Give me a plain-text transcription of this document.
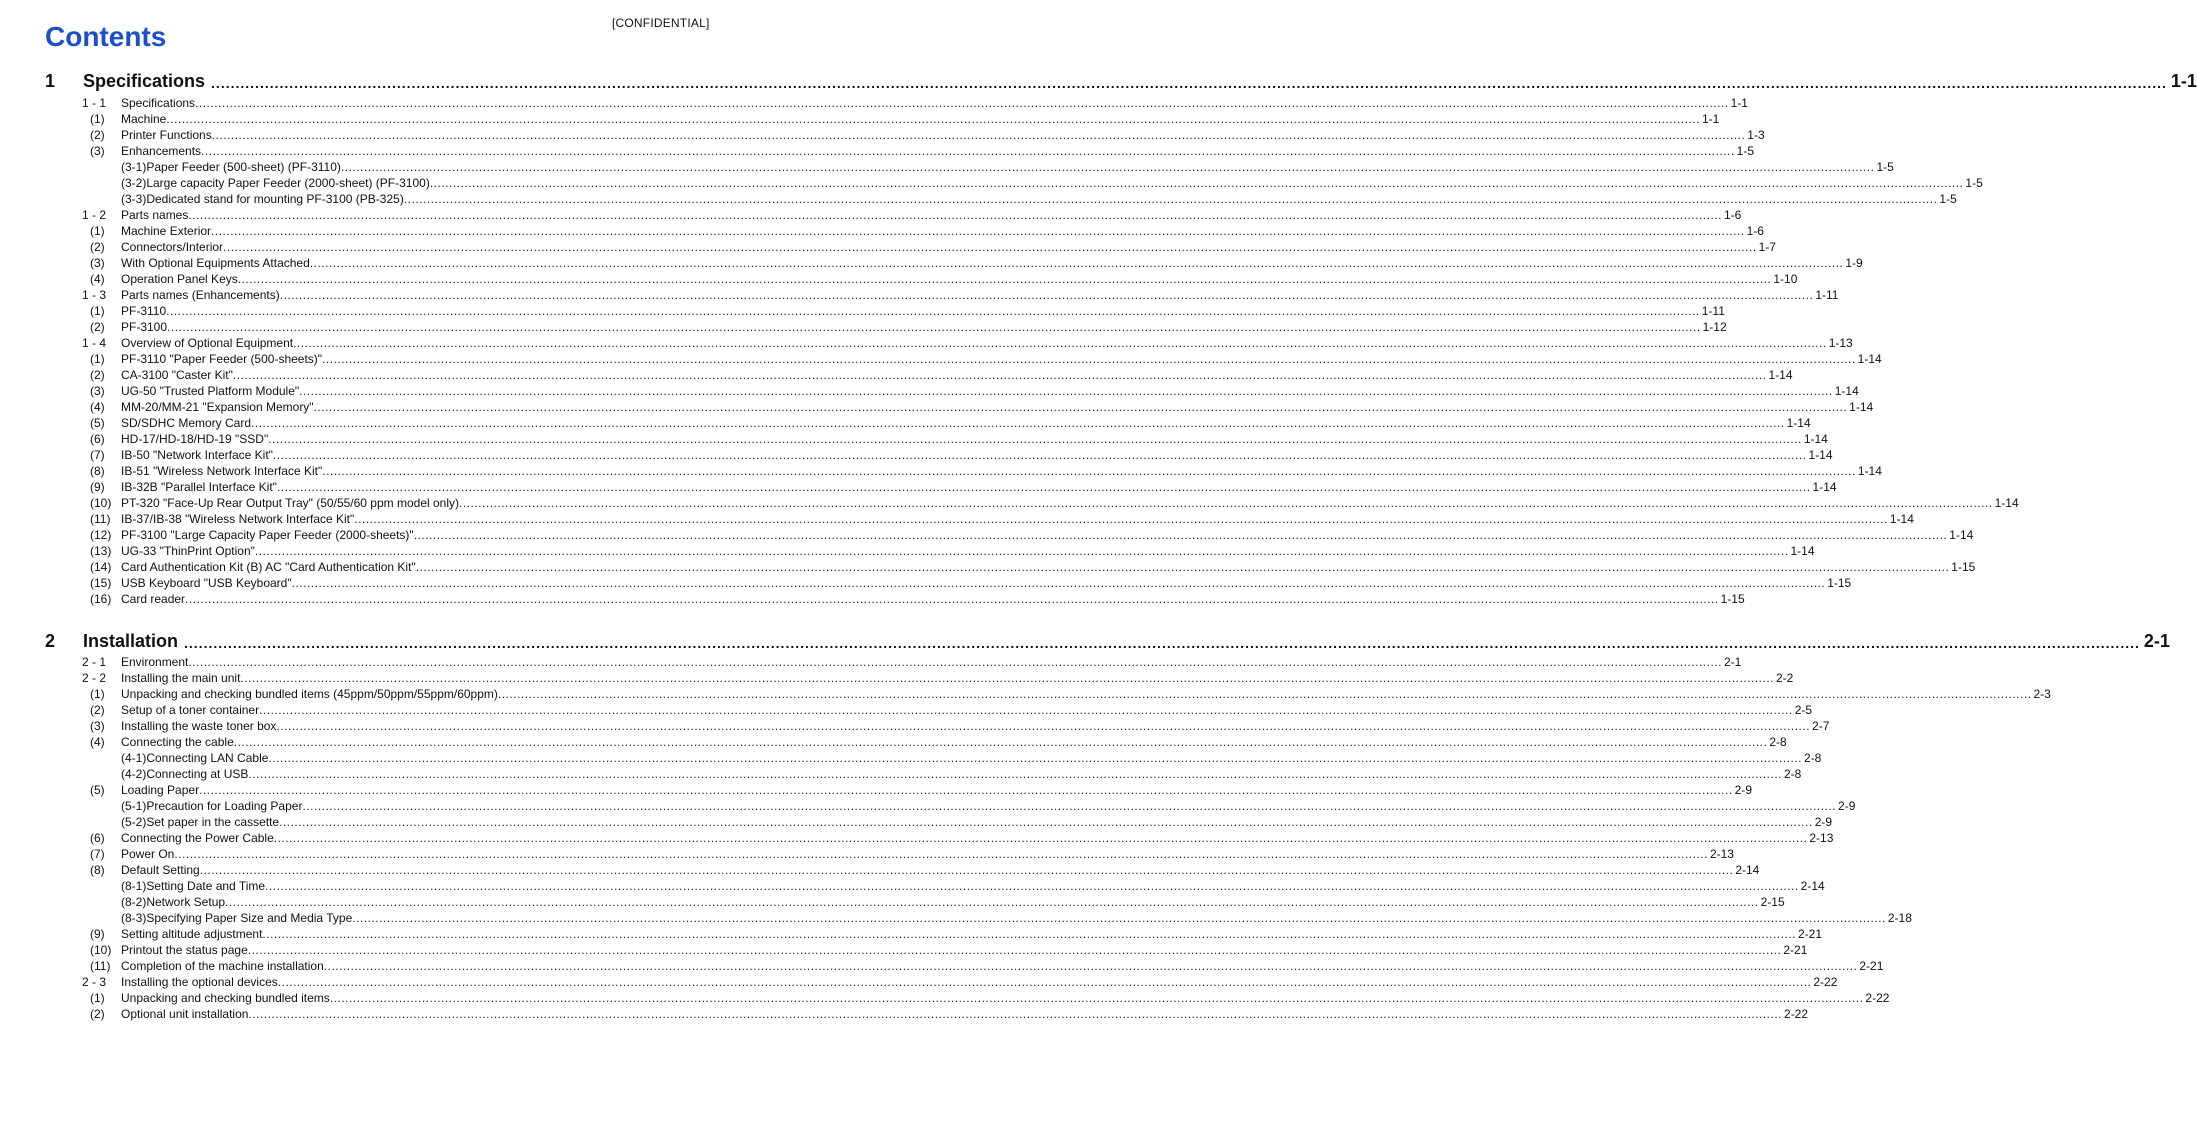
[CONFIDENTIAL]
Contents
1	Specifications ................................................................................................................................................................................................................................................................................................................................................................................................................ 1-1
1 - 1	Specifications ................................................................................................................................................................................................................................................................................................................................................................................................................ 1-1
(1)	Machine ................................................................................................................................................................................................................................................................................................................................................................................................................ 1-1
(2)	Printer Functions ................................................................................................................................................................................................................................................................................................................................................................................................................ 1-3
(3)	Enhancements ................................................................................................................................................................................................................................................................................................................................................................................................................ 1-5
(3-1)Paper Feeder (500-sheet) (PF-3110) ................................................................................................................................................................................................................................................................................................................................................................................................................ 1-5
(3-2)Large capacity Paper Feeder (2000-sheet) (PF-3100) ................................................................................................................................................................................................................................................................................................................................................................................................................ 1-5
(3-3)Dedicated stand for mounting PF-3100 (PB-325) ................................................................................................................................................................................................................................................................................................................................................................................................................ 1-5
1 - 2	Parts names ................................................................................................................................................................................................................................................................................................................................................................................................................ 1-6
(1)	Machine Exterior ................................................................................................................................................................................................................................................................................................................................................................................................................ 1-6
(2)	Connectors/Interior ................................................................................................................................................................................................................................................................................................................................................................................................................ 1-7
(3)	With Optional Equipments Attached ................................................................................................................................................................................................................................................................................................................................................................................................................ 1-9
(4)	Operation Panel Keys ................................................................................................................................................................................................................................................................................................................................................................................................................ 1-10
1 - 3	Parts names (Enhancements) ................................................................................................................................................................................................................................................................................................................................................................................................................ 1-11
(1)	PF-3110 ................................................................................................................................................................................................................................................................................................................................................................................................................ 1-11
(2)	PF-3100 ................................................................................................................................................................................................................................................................................................................................................................................................................ 1-12
1 - 4	Overview of Optional Equipment ................................................................................................................................................................................................................................................................................................................................................................................................................ 1-13
(1)	PF-3110 "Paper Feeder (500-sheets)" ................................................................................................................................................................................................................................................................................................................................................................................................................ 1-14
(2)	CA-3100 "Caster Kit" ................................................................................................................................................................................................................................................................................................................................................................................................................ 1-14
(3)	UG-50 "Trusted Platform Module" ................................................................................................................................................................................................................................................................................................................................................................................................................ 1-14
(4)	MM-20/MM-21 "Expansion Memory" ................................................................................................................................................................................................................................................................................................................................................................................................................ 1-14
(5)	SD/SDHC Memory Card ................................................................................................................................................................................................................................................................................................................................................................................................................ 1-14
(6)	HD-17/HD-18/HD-19 "SSD" ................................................................................................................................................................................................................................................................................................................................................................................................................ 1-14
(7)	IB-50 "Network Interface Kit" ................................................................................................................................................................................................................................................................................................................................................................................................................ 1-14
(8)	IB-51 "Wireless Network Interface Kit" ................................................................................................................................................................................................................................................................................................................................................................................................................ 1-14
(9)	IB-32B "Parallel Interface Kit" ................................................................................................................................................................................................................................................................................................................................................................................................................ 1-14
(10) PT-320 "Face-Up Rear Output Tray" (50/55/60 ppm model only) ................................................................................................................................................................................................................................................................................................................................................................................................................ 1-14
(11) IB-37/IB-38 "Wireless Network Interface Kit" ................................................................................................................................................................................................................................................................................................................................................................................................................ 1-14
(12) PF-3100 "Large Capacity Paper Feeder (2000-sheets)" ................................................................................................................................................................................................................................................................................................................................................................................................................ 1-14
(13) UG-33 "ThinPrint Option" ................................................................................................................................................................................................................................................................................................................................................................................................................ 1-14
(14) Card Authentication Kit (B) AC "Card Authentication Kit" ................................................................................................................................................................................................................................................................................................................................................................................................................ 1-15
(15) USB Keyboard "USB Keyboard" ................................................................................................................................................................................................................................................................................................................................................................................................................ 1-15
(16) Card reader ................................................................................................................................................................................................................................................................................................................................................................................................................ 1-15
2	Installation ................................................................................................................................................................................................................................................................................................................................................................................................................ 2-1
2 - 1	Environment ................................................................................................................................................................................................................................................................................................................................................................................................................ 2-1
2 - 2	Installing the main unit ................................................................................................................................................................................................................................................................................................................................................................................................................ 2-2
(1)	Unpacking and checking bundled items (45ppm/50ppm/55ppm/60ppm) ................................................................................................................................................................................................................................................................................................................................................................................................................ 2-3
(2)	Setup of a toner container ................................................................................................................................................................................................................................................................................................................................................................................................................ 2-5
(3)	Installing the waste toner box ................................................................................................................................................................................................................................................................................................................................................................................................................ 2-7
(4)	Connecting the cable ................................................................................................................................................................................................................................................................................................................................................................................................................ 2-8
(4-1)Connecting LAN Cable ................................................................................................................................................................................................................................................................................................................................................................................................................ 2-8
(4-2)Connecting at USB ................................................................................................................................................................................................................................................................................................................................................................................................................ 2-8
(5)	Loading Paper ................................................................................................................................................................................................................................................................................................................................................................................................................ 2-9
(5-1)Precaution for Loading Paper ................................................................................................................................................................................................................................................................................................................................................................................................................ 2-9
(5-2)Set paper in the cassette ................................................................................................................................................................................................................................................................................................................................................................................................................ 2-9
(6)	Connecting the Power Cable ................................................................................................................................................................................................................................................................................................................................................................................................................ 2-13
(7)	Power On ................................................................................................................................................................................................................................................................................................................................................................................................................ 2-13
(8)	Default Setting ................................................................................................................................................................................................................................................................................................................................................................................................................ 2-14
(8-1)Setting Date and Time ................................................................................................................................................................................................................................................................................................................................................................................................................ 2-14
(8-2)Network Setup ................................................................................................................................................................................................................................................................................................................................................................................................................ 2-15
(8-3)Specifying Paper Size and Media Type ................................................................................................................................................................................................................................................................................................................................................................................................................ 2-18
(9)	Setting altitude adjustment ................................................................................................................................................................................................................................................................................................................................................................................................................ 2-21
(10) Printout the status page ................................................................................................................................................................................................................................................................................................................................................................................................................ 2-21
(11) Completion of the machine installation ................................................................................................................................................................................................................................................................................................................................................................................................................ 2-21
2 - 3	Installing the optional devices ................................................................................................................................................................................................................................................................................................................................................................................................................ 2-22
(1)	Unpacking and checking bundled items ................................................................................................................................................................................................................................................................................................................................................................................................................ 2-22
(2)	Optional unit installation ................................................................................................................................................................................................................................................................................................................................................................................................................ 2-22
